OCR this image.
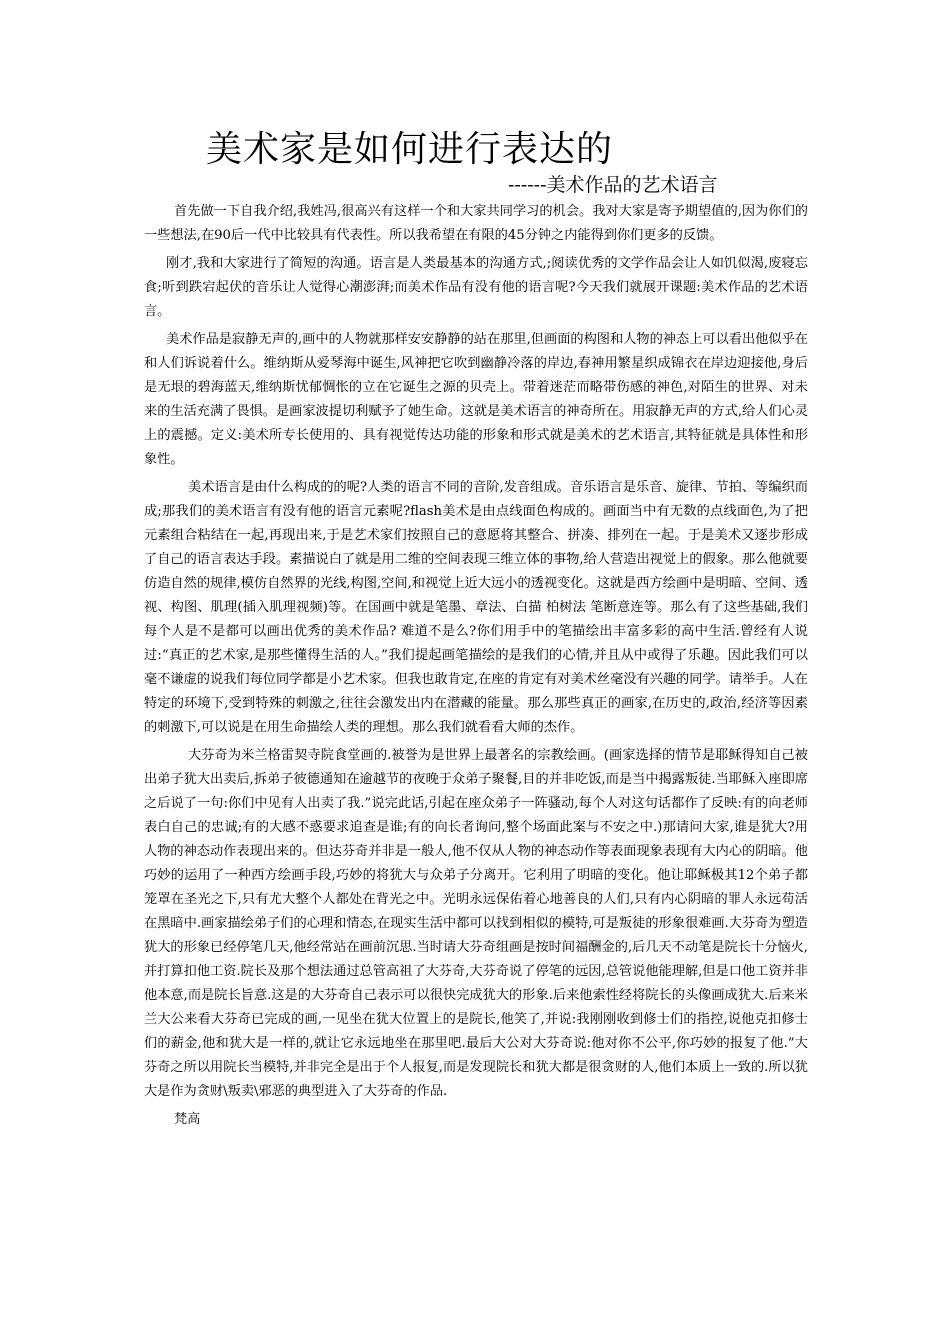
美术家是如何进行表达的
------美术作品的艺术语言

首先做一下自我介绍,我姓冯,很高兴有这样一个和大家共同学习的机会。我对大家是寄予期望值的,因为你们的一些想法,在90后一代中比较具有代表性。所以我希望在有限的45分钟之内能得到你们更多的反馈。

刚才,我和大家进行了简短的沟通。语言是人类最基本的沟通方式,;阅读优秀的文学作品会让人如饥似渴,废寝忘食;听到跌宕起伏的音乐让人觉得心潮澎湃;而美术作品有没有他的语言呢?今天我们就展开课题:美术作品的艺术语言。

美术作品是寂静无声的,画中的人物就那样安安静静的站在那里,但画面的构图和人物的神态上可以看出他似乎在和人们诉说着什么。维纳斯从爱琴海中诞生,风神把它吹到幽静冷落的岸边,春神用繁星织成锦衣在岸边迎接他,身后是无垠的碧海蓝天,维纳斯忧郁惆怅的立在它诞生之源的贝壳上。带着迷茫而略带伤感的神色,对陌生的世界、对未来的生活充满了畏惧。是画家波提切利赋予了她生命。这就是美术语言的神奇所在。用寂静无声的方式,给人们心灵上的震撼。定义:美术所专长使用的、具有视觉传达功能的形象和形式就是美术的艺术语言,其特征就是具体性和形象性。

美术语言是由什么构成的的呢?人类的语言不同的音阶,发音组成。音乐语言是乐音、旋律、节拍、等编织而成;那我们的美术语言有没有他的语言元素呢?flash美术是由点线面色构成的。画面当中有无数的点线面色,为了把元素组合粘结在一起,再现出来,于是艺术家们按照自己的意愿将其整合、拼凑、排列在一起。于是美术又逐步形成了自己的语言表达手段。素描说白了就是用二维的空间表现三维立体的事物,给人营造出视觉上的假象。那么他就要仿造自然的规律,模仿自然界的光线,构图,空间,和视觉上近大远小的透视变化。这就是西方绘画中是明暗、空间、透视、构图、肌理(插入肌理视频)等。在国画中就是笔墨、章法、白描 柏树法 笔断意连等。那么有了这些基础,我们每个人是不是都可以画出优秀的美术作品? 难道不是么?你们用手中的笔描绘出丰富多彩的高中生活.曾经有人说过:“真正的艺术家,是那些懂得生活的人。”我们提起画笔描绘的是我们的心情,并且从中或得了乐趣。因此我们可以毫不谦虚的说我们每位同学都是小艺术家。但我也敢肯定,在座的肯定有对美术丝毫没有兴趣的同学。请举手。人在特定的环境下,受到特殊的刺激之,往往会激发出内在潜藏的能量。那么那些真正的画家,在历史的,政治,经济等因素的刺激下,可以说是在用生命描绘人类的理想。那么我们就看看大师的杰作。

大芬奇为米兰格雷契寺院食堂画的.被誉为是世界上最著名的宗教绘画。(画家选择的情节是耶稣得知自己被出弟子犹大出卖后,拆弟子彼德通知在逾越节的夜晚于众弟子聚餐,目的并非吃饭,而是当中揭露叛徒.当耶稣入座即席之后说了一句:你们中见有人出卖了我.”说完此话,引起在座众弟子一阵骚动,每个人对这句话都作了反映:有的向老师表白自己的忠诚;有的大感不惑要求追查是谁;有的向长者询问,整个场面此案与不安之中.)那请问大家,谁是犹大?用人物的神态动作表现出来的。但达芬奇并非是一般人,他不仅从人物的神态动作等表面现象表现有大内心的阴暗。他巧妙的运用了一种西方绘画手段,巧妙的将犹大与众弟子分离开。它利用了明暗的变化。他让耶稣极其12个弟子都笼罩在圣光之下,只有尤大整个人都处在背光之中。光明永远保佑着心地善良的人们,只有内心阴暗的罪人永远苟活在黑暗中.画家描绘弟子们的心理和情态,在现实生活中都可以找到相似的模特,可是叛徒的形象很难画.大芬奇为塑造犹大的形象已经停笔几天,他经常站在画前沉思.当时请大芬奇组画是按时间福酬金的,后几天不动笔是院长十分恼火,并打算扣他工资.院长及那个想法通过总管高祖了大芬奇,大芬奇说了停笔的远因,总管说他能理解,但是口他工资并非他本意,而是院长旨意.这是的大芬奇自己表示可以很快完成犹大的形象.后来他索性经将院长的头像画成犹大.后来米兰大公来看大芬奇已完成的画,一见坐在犹大位置上的是院长,他笑了,并说:我刚刚收到修士们的指控,说他克扣修士们的薪金,他和犹大是一样的,就让它永远地坐在那里吧.最后大公对大芬奇说:他对你不公平,你巧妙的报复了他.”大芬奇之所以用院长当模特,并非完全是出于个人报复,而是发现院长和犹大都是很贪财的人,他们本质上一致的.所以犹大是作为贪财\叛卖\邪恶的典型进入了大芬奇的作品.

梵高
